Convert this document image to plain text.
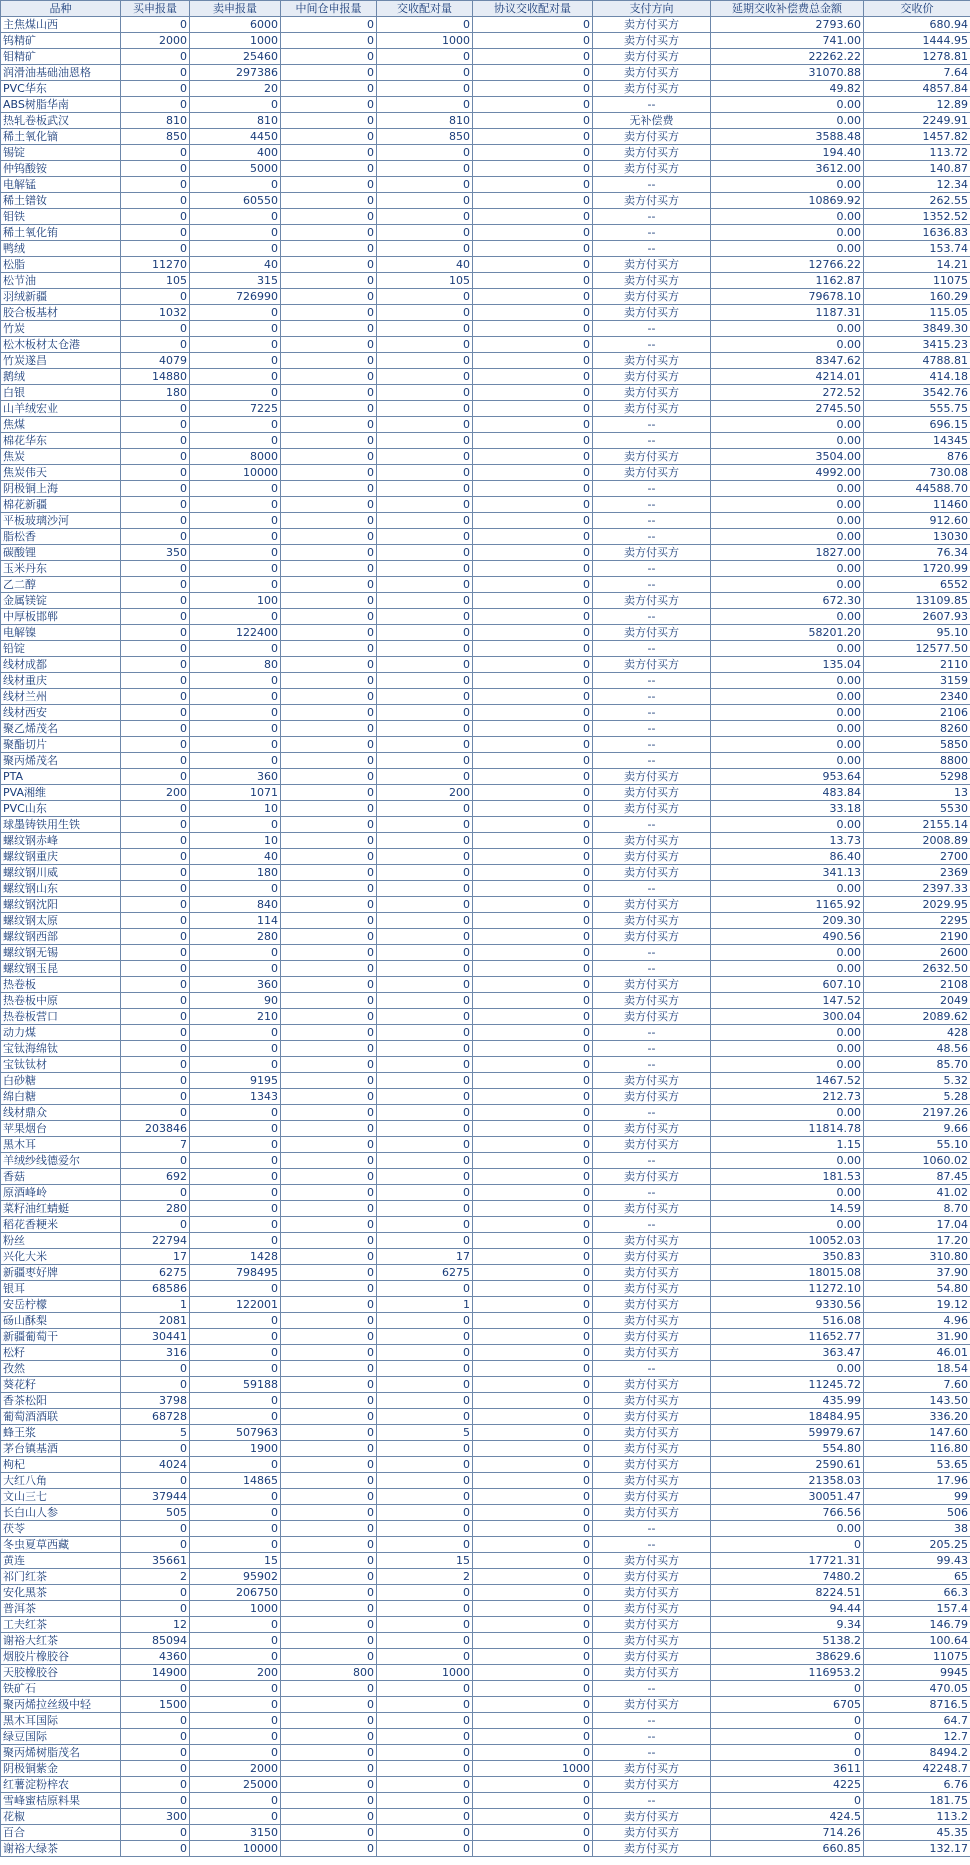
品种	买申报量	卖申报量	中间仓申报量	交收配对量	协议交收配对量	支付方向	延期交收补偿费总金额	交收价
主焦煤山西	0	6000	0	0	0	卖方付买方	2793.60	680.94
钨精矿	2000	1000	0	1000	0	卖方付买方	741.00	1444.95
钼精矿	0	25460	0	0	0	卖方付买方	22262.22	1278.81
润滑油基础油恩格	0	297386	0	0	0	卖方付买方	31070.88	7.64
PVC华东	0	20	0	0	0	卖方付买方	49.82	4857.84
ABS树脂华南	0	0	0	0	0	--	0.00	12.89
热轧卷板武汉	810	810	0	810	0	无补偿费	0.00	2249.91
稀土氧化镝	850	4450	0	850	0	卖方付买方	3588.48	1457.82
锡锭	0	400	0	0	0	卖方付买方	194.40	113.72
仲钨酸铵	0	5000	0	0	0	卖方付买方	3612.00	140.87
电解锰	0	0	0	0	0	--	0.00	12.34
稀土镨钕	0	60550	0	0	0	卖方付买方	10869.92	262.55
钼铁	0	0	0	0	0	--	0.00	1352.52
稀土氧化铕	0	0	0	0	0	--	0.00	1636.83
鸭绒	0	0	0	0	0	--	0.00	153.74
松脂	11270	40	0	40	0	卖方付买方	12766.22	14.21
松节油	105	315	0	105	0	卖方付买方	1162.87	11075
羽绒新疆	0	726990	0	0	0	卖方付买方	79678.10	160.29
胶合板基材	1032	0	0	0	0	卖方付买方	1187.31	115.05
竹炭	0	0	0	0	0	--	0.00	3849.30
松木板材太仓港	0	0	0	0	0	--	0.00	3415.23
竹炭遂昌	4079	0	0	0	0	卖方付买方	8347.62	4788.81
鹅绒	14880	0	0	0	0	卖方付买方	4214.01	414.18
白银	180	0	0	0	0	卖方付买方	272.52	3542.76
山羊绒宏业	0	7225	0	0	0	卖方付买方	2745.50	555.75
焦煤	0	0	0	0	0	--	0.00	696.15
棉花华东	0	0	0	0	0	--	0.00	14345
焦炭	0	8000	0	0	0	卖方付买方	3504.00	876
焦炭伟天	0	10000	0	0	0	卖方付买方	4992.00	730.08
阴极铜上海	0	0	0	0	0	--	0.00	44588.70
棉花新疆	0	0	0	0	0	--	0.00	11460
平板玻璃沙河	0	0	0	0	0	--	0.00	912.60
脂松香	0	0	0	0	0	--	0.00	13030
碳酸锂	350	0	0	0	0	卖方付买方	1827.00	76.34
玉米丹东	0	0	0	0	0	--	0.00	1720.99
乙二醇	0	0	0	0	0	--	0.00	6552
金属镁锭	0	100	0	0	0	卖方付买方	672.30	13109.85
中厚板邯郸	0	0	0	0	0	--	0.00	2607.93
电解镍	0	122400	0	0	0	卖方付买方	58201.20	95.10
铅锭	0	0	0	0	0	--	0.00	12577.50
线材成都	0	80	0	0	0	卖方付买方	135.04	2110
线材重庆	0	0	0	0	0	--	0.00	3159
线材兰州	0	0	0	0	0	--	0.00	2340
线材西安	0	0	0	0	0	--	0.00	2106
聚乙烯茂名	0	0	0	0	0	--	0.00	8260
聚酯切片	0	0	0	0	0	--	0.00	5850
聚丙烯茂名	0	0	0	0	0	--	0.00	8800
PTA	0	360	0	0	0	卖方付买方	953.64	5298
PVA湘维	200	1071	0	200	0	卖方付买方	483.84	13
PVC山东	0	10	0	0	0	卖方付买方	33.18	5530
球墨铸铁用生铁	0	0	0	0	0	--	0.00	2155.14
螺纹钢赤峰	0	10	0	0	0	卖方付买方	13.73	2008.89
螺纹钢重庆	0	40	0	0	0	卖方付买方	86.40	2700
螺纹钢川威	0	180	0	0	0	卖方付买方	341.13	2369
螺纹钢山东	0	0	0	0	0	--	0.00	2397.33
螺纹钢沈阳	0	840	0	0	0	卖方付买方	1165.92	2029.95
螺纹钢太原	0	114	0	0	0	卖方付买方	209.30	2295
螺纹钢西部	0	280	0	0	0	卖方付买方	490.56	2190
螺纹钢无锡	0	0	0	0	0	--	0.00	2600
螺纹钢玉昆	0	0	0	0	0	--	0.00	2632.50
热卷板	0	360	0	0	0	卖方付买方	607.10	2108
热卷板中原	0	90	0	0	0	卖方付买方	147.52	2049
热卷板营口	0	210	0	0	0	卖方付买方	300.04	2089.62
动力煤	0	0	0	0	0	--	0.00	428
宝钛海绵钛	0	0	0	0	0	--	0.00	48.56
宝钛钛材	0	0	0	0	0	--	0.00	85.70
白砂糖	0	9195	0	0	0	卖方付买方	1467.52	5.32
绵白糖	0	1343	0	0	0	卖方付买方	212.73	5.28
线材鼎众	0	0	0	0	0	--	0.00	2197.26
苹果烟台	203846	0	0	0	0	卖方付买方	11814.78	9.66
黑木耳	7	0	0	0	0	卖方付买方	1.15	55.10
羊绒纱线德爱尔	0	0	0	0	0	--	0.00	1060.02
香菇	692	0	0	0	0	卖方付买方	181.53	87.45
原酒峰岭	0	0	0	0	0	--	0.00	41.02
菜籽油红蜻蜓	280	0	0	0	0	卖方付买方	14.59	8.70
稻花香粳米	0	0	0	0	0	--	0.00	17.04
粉丝	22794	0	0	0	0	卖方付买方	10052.03	17.20
兴化大米	17	1428	0	17	0	卖方付买方	350.83	310.80
新疆枣好牌	6275	798495	0	6275	0	卖方付买方	18015.08	37.90
银耳	68586	0	0	0	0	卖方付买方	11272.10	54.80
安岳柠檬	1	122001	0	1	0	卖方付买方	9330.56	19.12
砀山酥梨	2081	0	0	0	0	卖方付买方	516.08	4.96
新疆葡萄干	30441	0	0	0	0	卖方付买方	11652.77	31.90
松籽	316	0	0	0	0	卖方付买方	363.47	46.01
孜然	0	0	0	0	0	--	0.00	18.54
葵花籽	0	59188	0	0	0	卖方付买方	11245.72	7.60
香茶松阳	3798	0	0	0	0	卖方付买方	435.99	143.50
葡萄酒酒联	68728	0	0	0	0	卖方付买方	18484.95	336.20
蜂王浆	5	507963	0	5	0	卖方付买方	59979.67	147.60
茅台镇基酒	0	1900	0	0	0	卖方付买方	554.80	116.80
枸杞	4024	0	0	0	0	卖方付买方	2590.61	53.65
大红八角	0	14865	0	0	0	卖方付买方	21358.03	17.96
文山三七	37944	0	0	0	0	卖方付买方	30051.47	99
长白山人参	505	0	0	0	0	卖方付买方	766.56	506
茯苓	0	0	0	0	0	--	0.00	38
冬虫夏草西藏	0	0	0	0	0	--	0	205.25
黄连	35661	15	0	15	0	卖方付买方	17721.31	99.43
祁门红茶	2	95902	0	2	0	卖方付买方	7480.2	65
安化黑茶	0	206750	0	0	0	卖方付买方	8224.51	66.3
普洱茶	0	1000	0	0	0	卖方付买方	94.44	157.4
工夫红茶	12	0	0	0	0	卖方付买方	9.34	146.79
谢裕大红茶	85094	0	0	0	0	卖方付买方	5138.2	100.64
烟胶片橡胶谷	4360	0	0	0	0	卖方付买方	38629.6	11075
天胶橡胶谷	14900	200	800	1000	0	卖方付买方	116953.2	9945
铁矿石	0	0	0	0	0	--	0	470.05
聚丙烯拉丝级中轻	1500	0	0	0	0	卖方付买方	6705	8716.5
黑木耳国际	0	0	0	0	0	--	0	64.7
绿豆国际	0	0	0	0	0	--	0	12.7
聚丙烯树脂茂名	0	0	0	0	0	--	0	8494.2
阴极铜紫金	0	2000	0	0	1000	卖方付买方	3611	42248.7
红薯淀粉梓农	0	25000	0	0	0	卖方付买方	4225	6.76
雪峰蜜桔原料果	0	0	0	0	0	--	0	181.75
花椒	300	0	0	0	0	卖方付买方	424.5	113.2
百合	0	3150	0	0	0	卖方付买方	714.26	45.35
谢裕大绿茶	0	10000	0	0	0	卖方付买方	660.85	132.17
